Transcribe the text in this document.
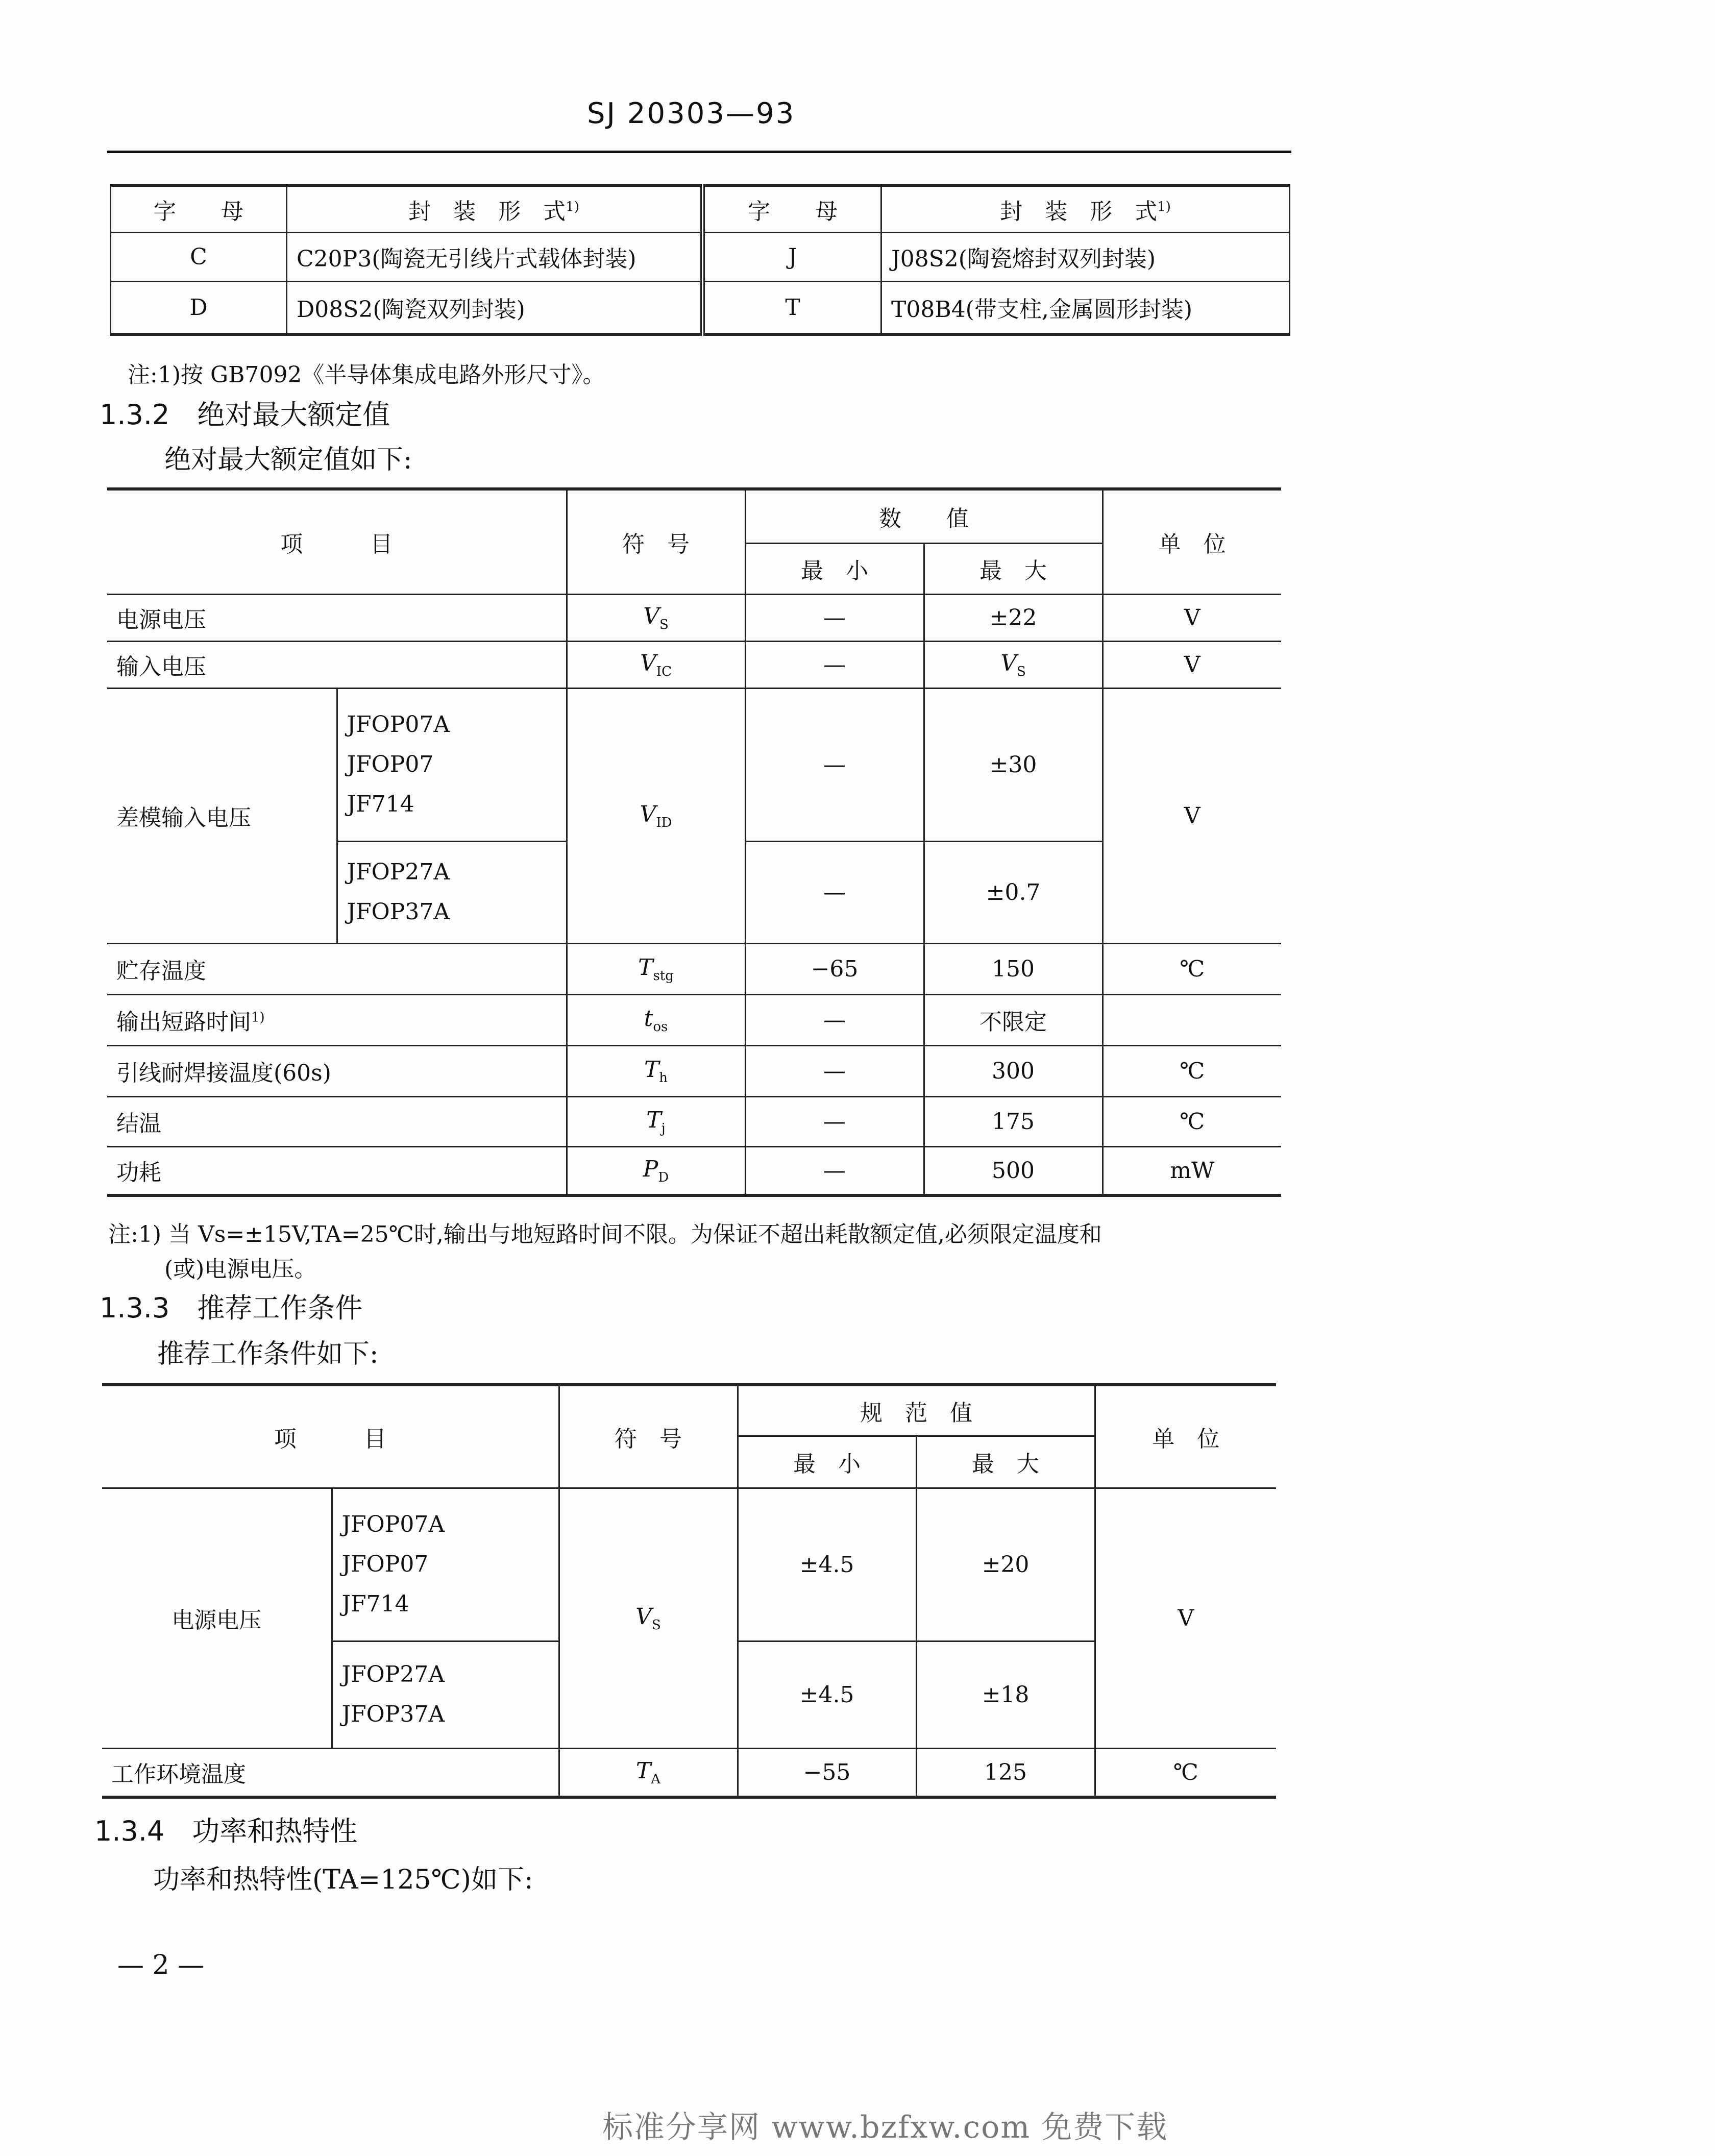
SJ 20303—93
字　　母	封　装　形　式$^{1)}$	字　　母	封　装　形　式$^{1)}$
C	C20P3(陶瓷无引线片式载体封装)	J	J08S2(陶瓷熔封双列封装)
D	D08S2(陶瓷双列封装)	T	T08B4(带支柱,金属圆形封装)
注:1)按 GB7092《半导体集成电路外形尺寸》。
1.3.2　绝对最大额定值
绝对最大额定值如下:
项　　　目		符　号	数　　值		单　位
			最　小	最　大	
电源电压		$V_S$	—	±22	V
输入电压		$V_{IC}$	—	$V_S$	V
差模输入电压	JFOP07A
JFOP07
JF714	$V_{ID}$	—	±30	V

	JFOP27A
JFOP37A		—	±0.7	
贮存温度		$T_{stg}$	−65	150	℃
输出短路时间$^{1)}$		$t_{os}$	—	不限定	
引线耐焊接温度(60s)		$T_h$	—	300	℃
结温		$T_j$	—	175	℃
功耗		$P_D$	—	500	mW
注:1) 当 Vs=±15V,TA=25℃时,输出与地短路时间不限。为保证不超出耗散额定值,必须限定温度和
(或)电源电压。
1.3.3　推荐工作条件
推荐工作条件如下:
项　　　目		符　号	规　范　值		单　位
			最　小	最　大	
电源电压	JFOP07A
JFOP07
JF714	$V_S$	±4.5	±20	V

	JFOP27A
JFOP37A		±4.5	±18	
工作环境温度		$T_A$	−55	125	℃
1.3.4　功率和热特性
功率和热特性(TA=125℃)如下:
— 2 —
标准分享网 www.bzfxw.com 免费下载
